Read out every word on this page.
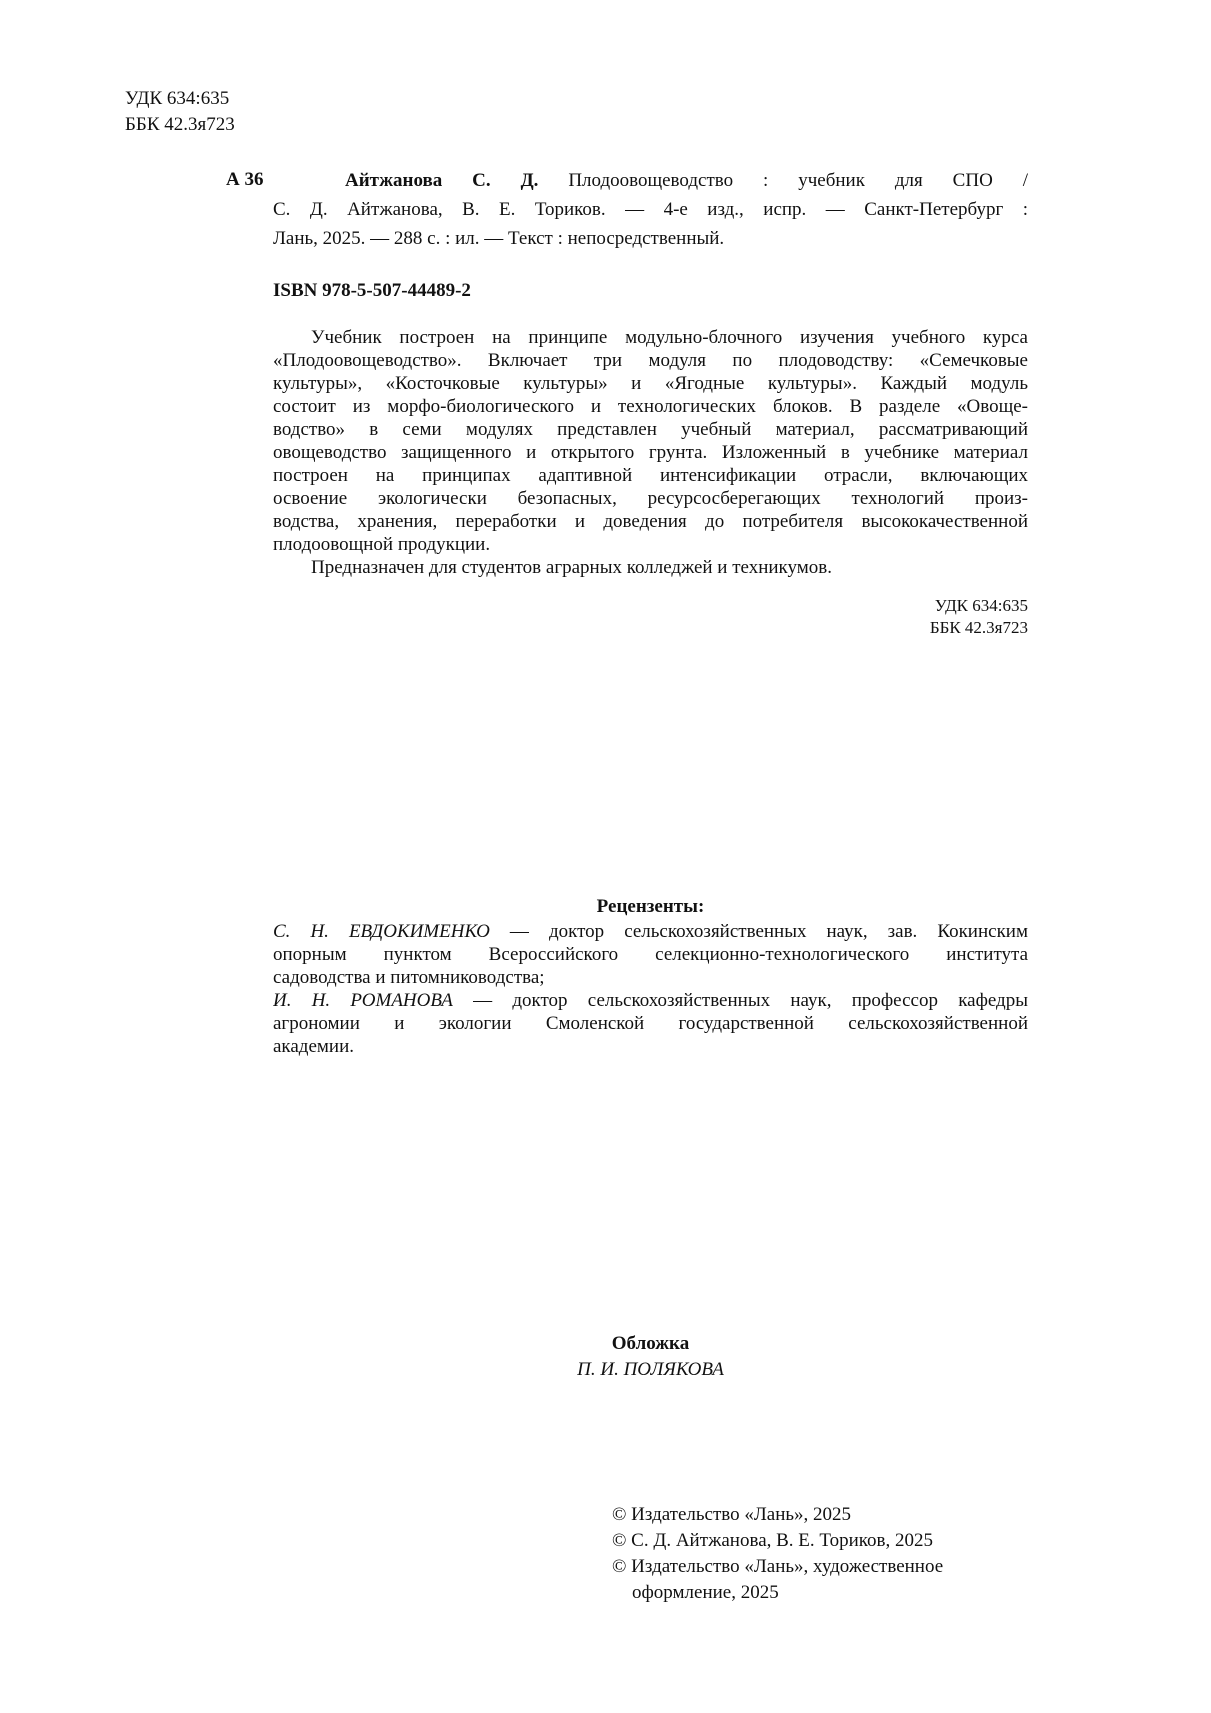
УДК 634:635
ББК 42.3я723
А 36	Айтжанова С. Д. Плодоовощеводство : учебник для СПО /
С. Д. Айтжанова, В. Е. Ториков. — 4-е изд., испр. — Санкт-Петербург :
Лань, 2025. — 288 с. : ил. — Текст : непосредственный.
ISBN 978-5-507-44489-2
Учебник построен на принципе модульно-блочного изучения учебного курса
«Плодоовощеводство». Включает три модуля по плодоводству: «Семечковые
культуры», «Косточковые культуры» и «Ягодные культуры». Каждый модуль
состоит из морфо-биологического и технологических блоков. В разделе «Овоще-
водство» в семи модулях представлен учебный материал, рассматривающий
овощеводство защищенного и открытого грунта. Изложенный в учебнике материал
построен на принципах адаптивной интенсификации отрасли, включающих
освоение экологически безопасных, ресурсосберегающих технологий произ-
водства, хранения, переработки и доведения до потребителя высококачественной
плодоовощной продукции.
Предназначен для студентов аграрных колледжей и техникумов.
УДК 634:635
ББК 42.3я723
Рецензенты:
С. Н. ЕВДОКИМЕНКО — доктор сельскохозяйственных наук, зав. Кокинским
опорным пунктом Всероссийского селекционно-технологического института
садоводства и питомниководства;
И. Н. РОМАНОВА — доктор сельскохозяйственных наук, профессор кафедры
агрономии и экологии Смоленской государственной сельскохозяйственной
академии.
Обложка
П. И. ПОЛЯКОВА
© Издательство «Лань», 2025
© С. Д. Айтжанова, В. Е. Ториков, 2025
© Издательство «Лань», художественное
оформление, 2025
